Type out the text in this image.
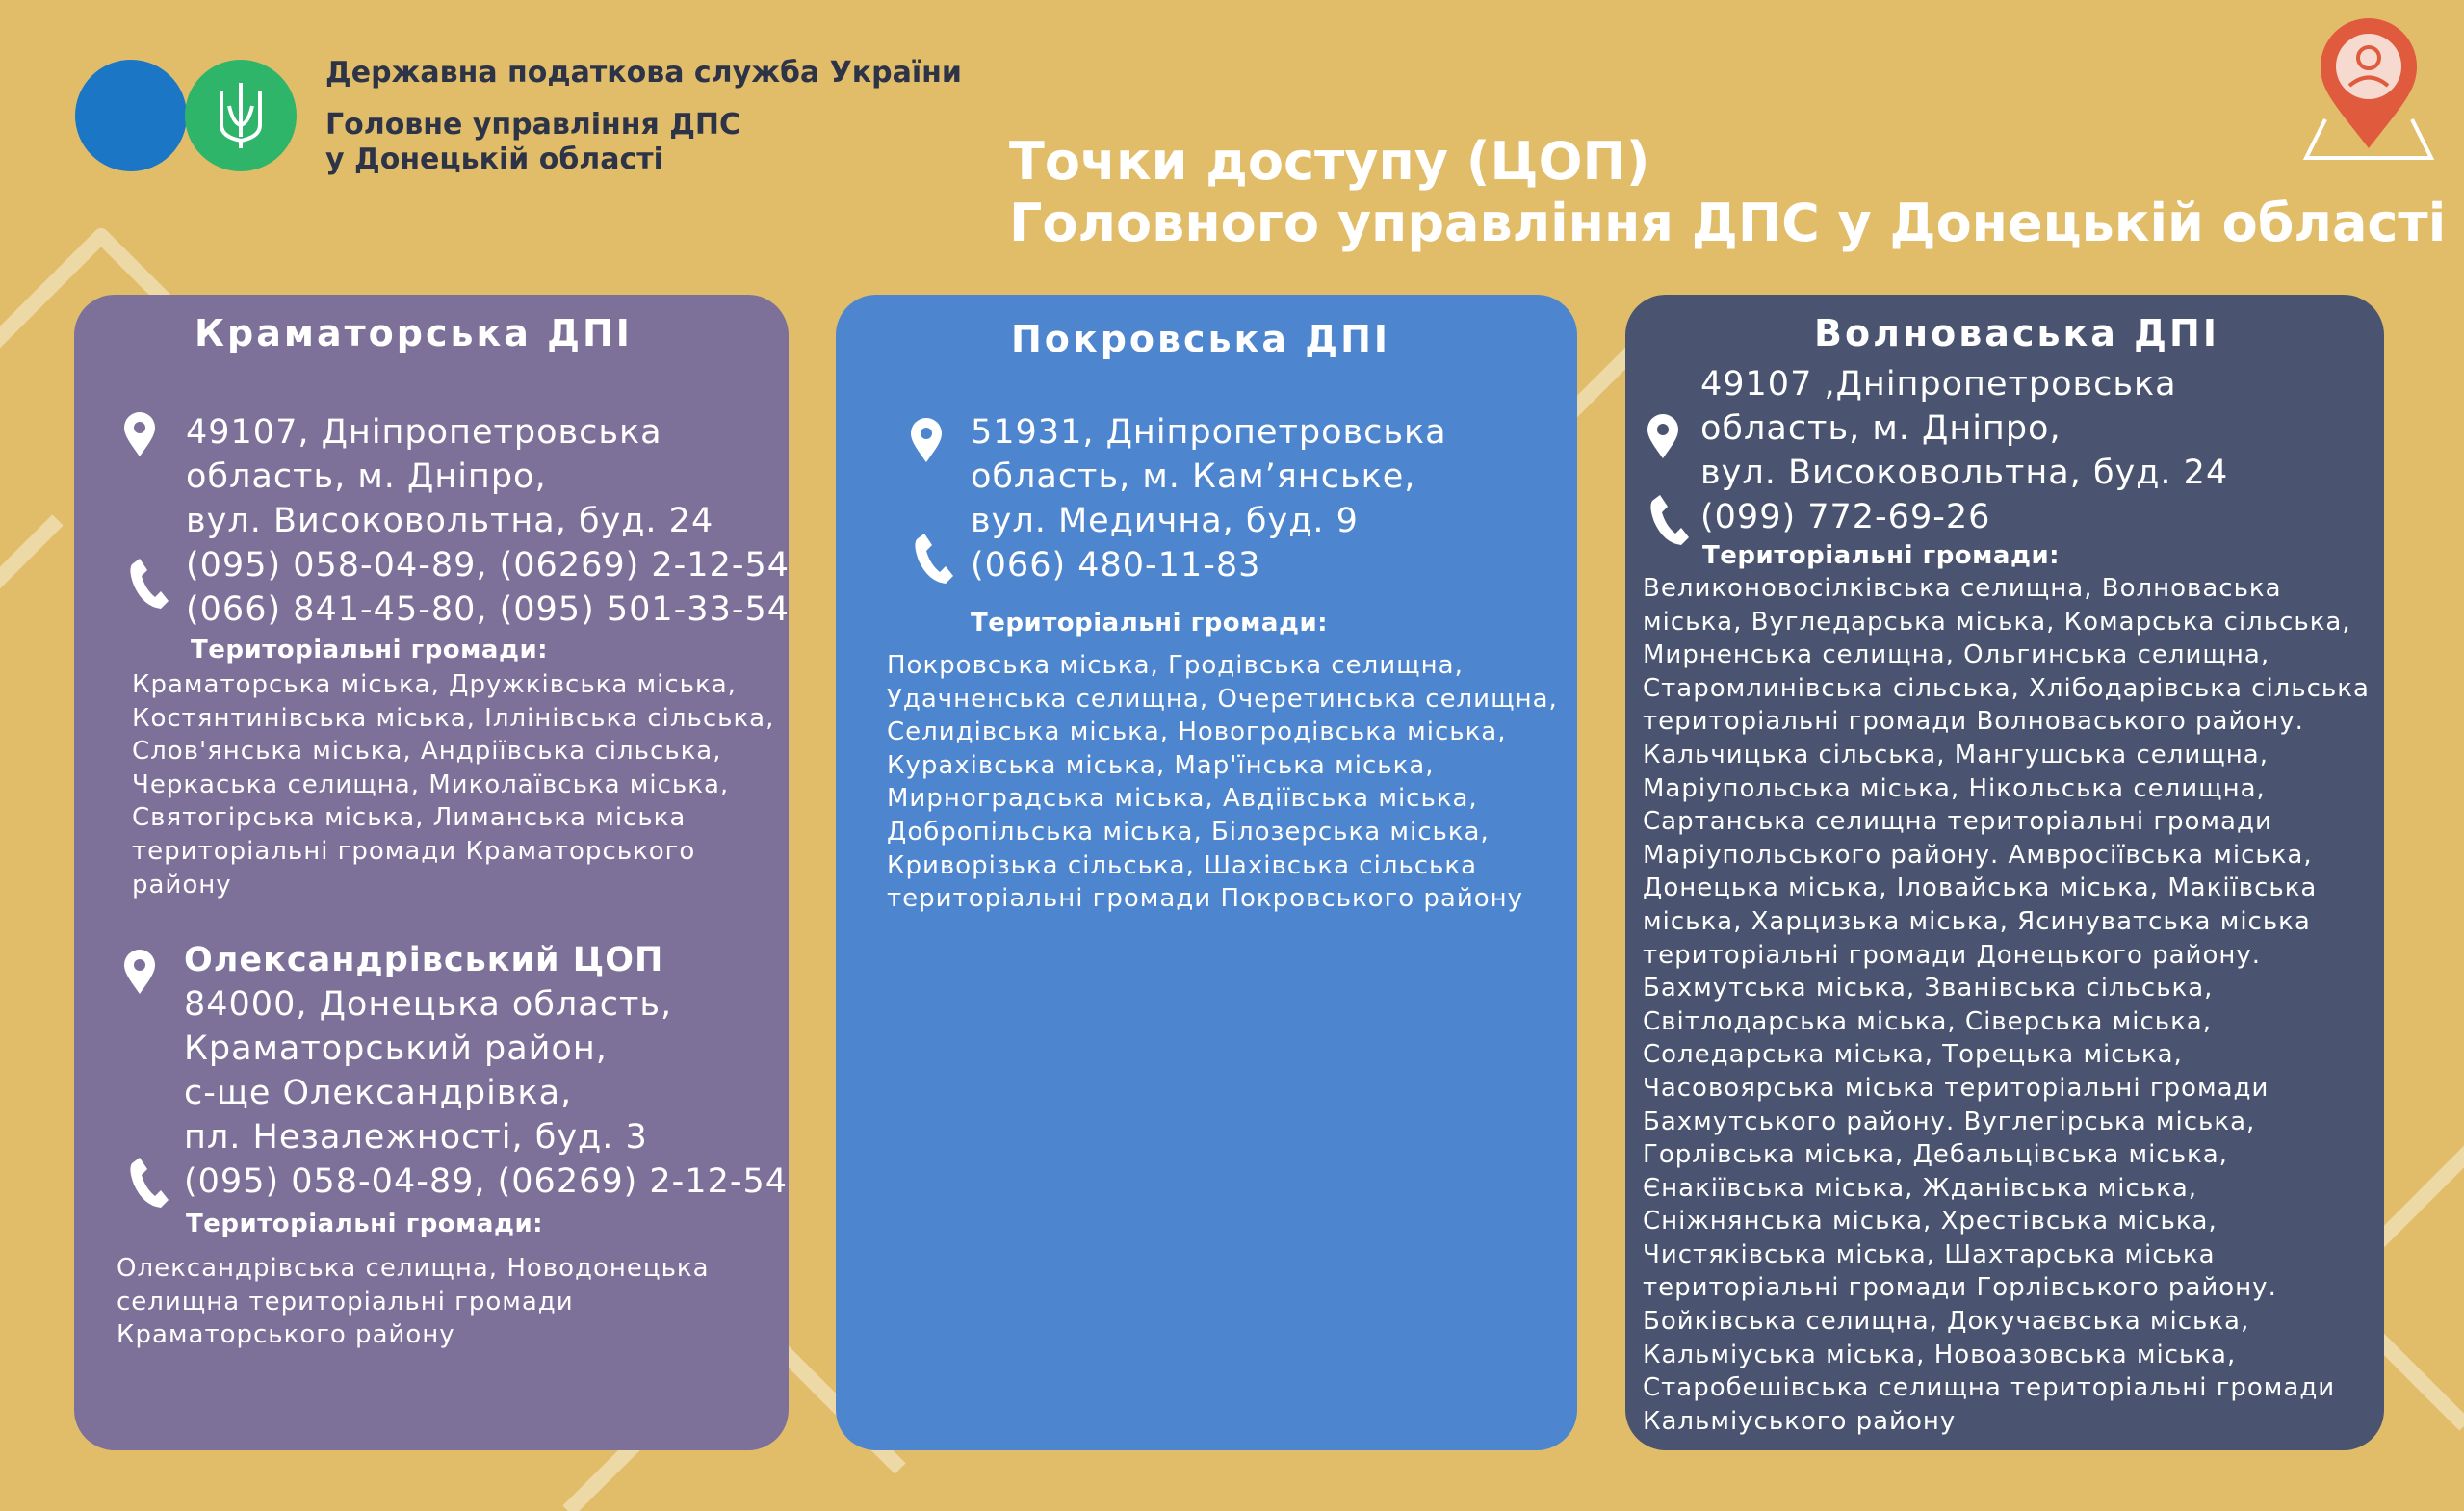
Державна податкова служба України
Головне управління ДПС
у Донецькій області	Точки доступу (ЦОП)
Головного управління ДПС у Донецькій області
Краматорська ДПІ
49107, Дніпропетровська
область, м. Дніпро,
вул. Високовольтна, буд. 24
(095) 058-04-89, (06269) 2-12-54
(066) 841-45-80, (095) 501-33-54
Територіальні громади:
Краматорська міська, Дружківська міська,
Костянтинівська міська, Іллінівська сільська,
Слов'янська міська, Андріївська сільська,
Черкаська селищна, Миколаївська міська,
Святогірська міська, Лиманська міська
територіальні громади Краматорського
району
Олександрівський ЦОП
84000, Донецька область,
Краматорський район,
с-ще Олександрівка,
пл. Незалежності, буд. 3
(095) 058-04-89, (06269) 2-12-54
Територіальні громади:
Олександрівська селищна, Новодонецька
селищна територіальні громади
Краматорського району
Покровська ДПІ
51931, Дніпропетровська
область, м. Кам’янське,
вул. Медична, буд. 9
(066) 480-11-83
Територіальні громади:
Покровська міська, Гродівська селищна,
Удачненська селищна, Очеретинська селищна,
Селидівська міська, Новогродівська міська,
Курахівська міська, Мар'їнська міська,
Мирноградська міська, Авдіївська міська,
Добропільська міська, Білозерська міська,
Криворізька сільська, Шахівська сільська
територіальні громади Покровського району
Волноваська ДПІ
49107 ,Дніпропетровська
область, м. Дніпро,
вул. Високовольтна, буд. 24
(099) 772-69-26
Територіальні громади:
Великоновосілківська селищна, Волноваська
міська, Вугледарська міська, Комарська сільська,
Мирненська селищна, Ольгинська селищна,
Старомлинівська сільська, Хлібодарівська сільська
територіальні громади Волноваського району.
Кальчицька сільська, Мангушська селищна,
Маріупольська міська, Нікольська селищна,
Сартанська селищна територіальні громади
Маріупольського району. Амвросіївська міська,
Донецька міська, Іловайська міська, Макіївська
міська, Харцизька міська, Ясинуватська міська
територіальні громади Донецького району.
Бахмутська міська, Званівська сільська,
Світлодарська міська, Сіверська міська,
Соледарська міська, Торецька міська,
Часовоярська міська територіальні громади
Бахмутського району. Вуглегірська міська,
Горлівська міська, Дебальцівська міська,
Єнакіївська міська, Жданівська міська,
Сніжнянська міська, Хрестівська міська,
Чистяківська міська, Шахтарська міська
територіальні громади Горлівського району.
Бойківська селищна, Докучаєвська міська,
Кальміуська міська, Новоазовська міська,
Старобешівська селищна територіальні громади
Кальміуського району
